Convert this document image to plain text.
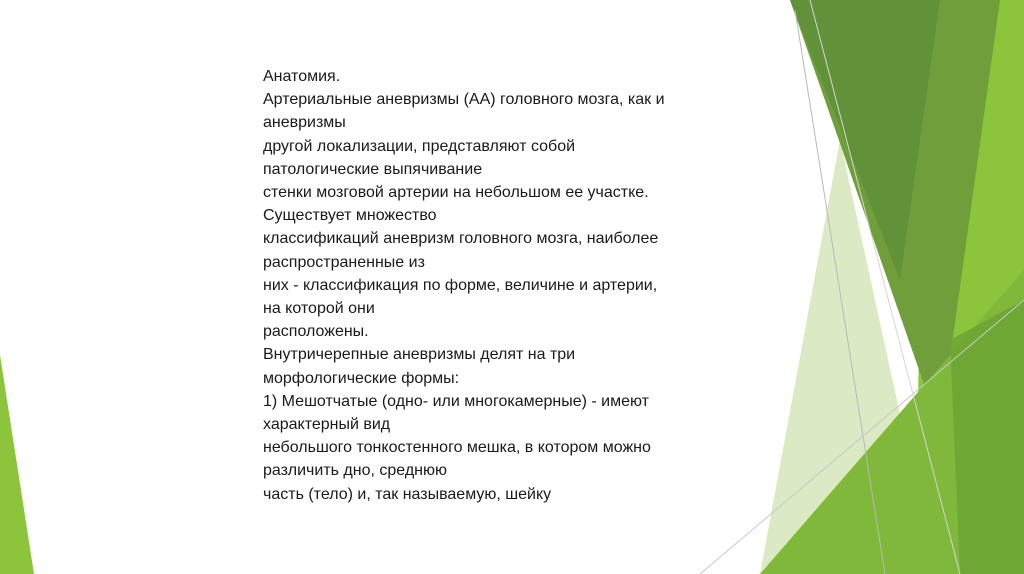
Анатомия.
Артериальные аневризмы (АА) головного мозга, как и
аневризмы
другой локализации, представляют собой
патологические выпячивание
стенки мозговой артерии на небольшом ее участке.
Существует множество
классификаций аневризм головного мозга, наиболее
распространенные из
них - классификация по форме, величине и артерии,
на которой они
расположены.
Внутричерепные аневризмы делят на три
морфологические формы:
1) Мешотчатые (одно- или многокамерные) - имеют
характерный вид
небольшого тонкостенного мешка, в котором можно
различить дно, среднюю
часть (тело) и, так называемую, шейку
